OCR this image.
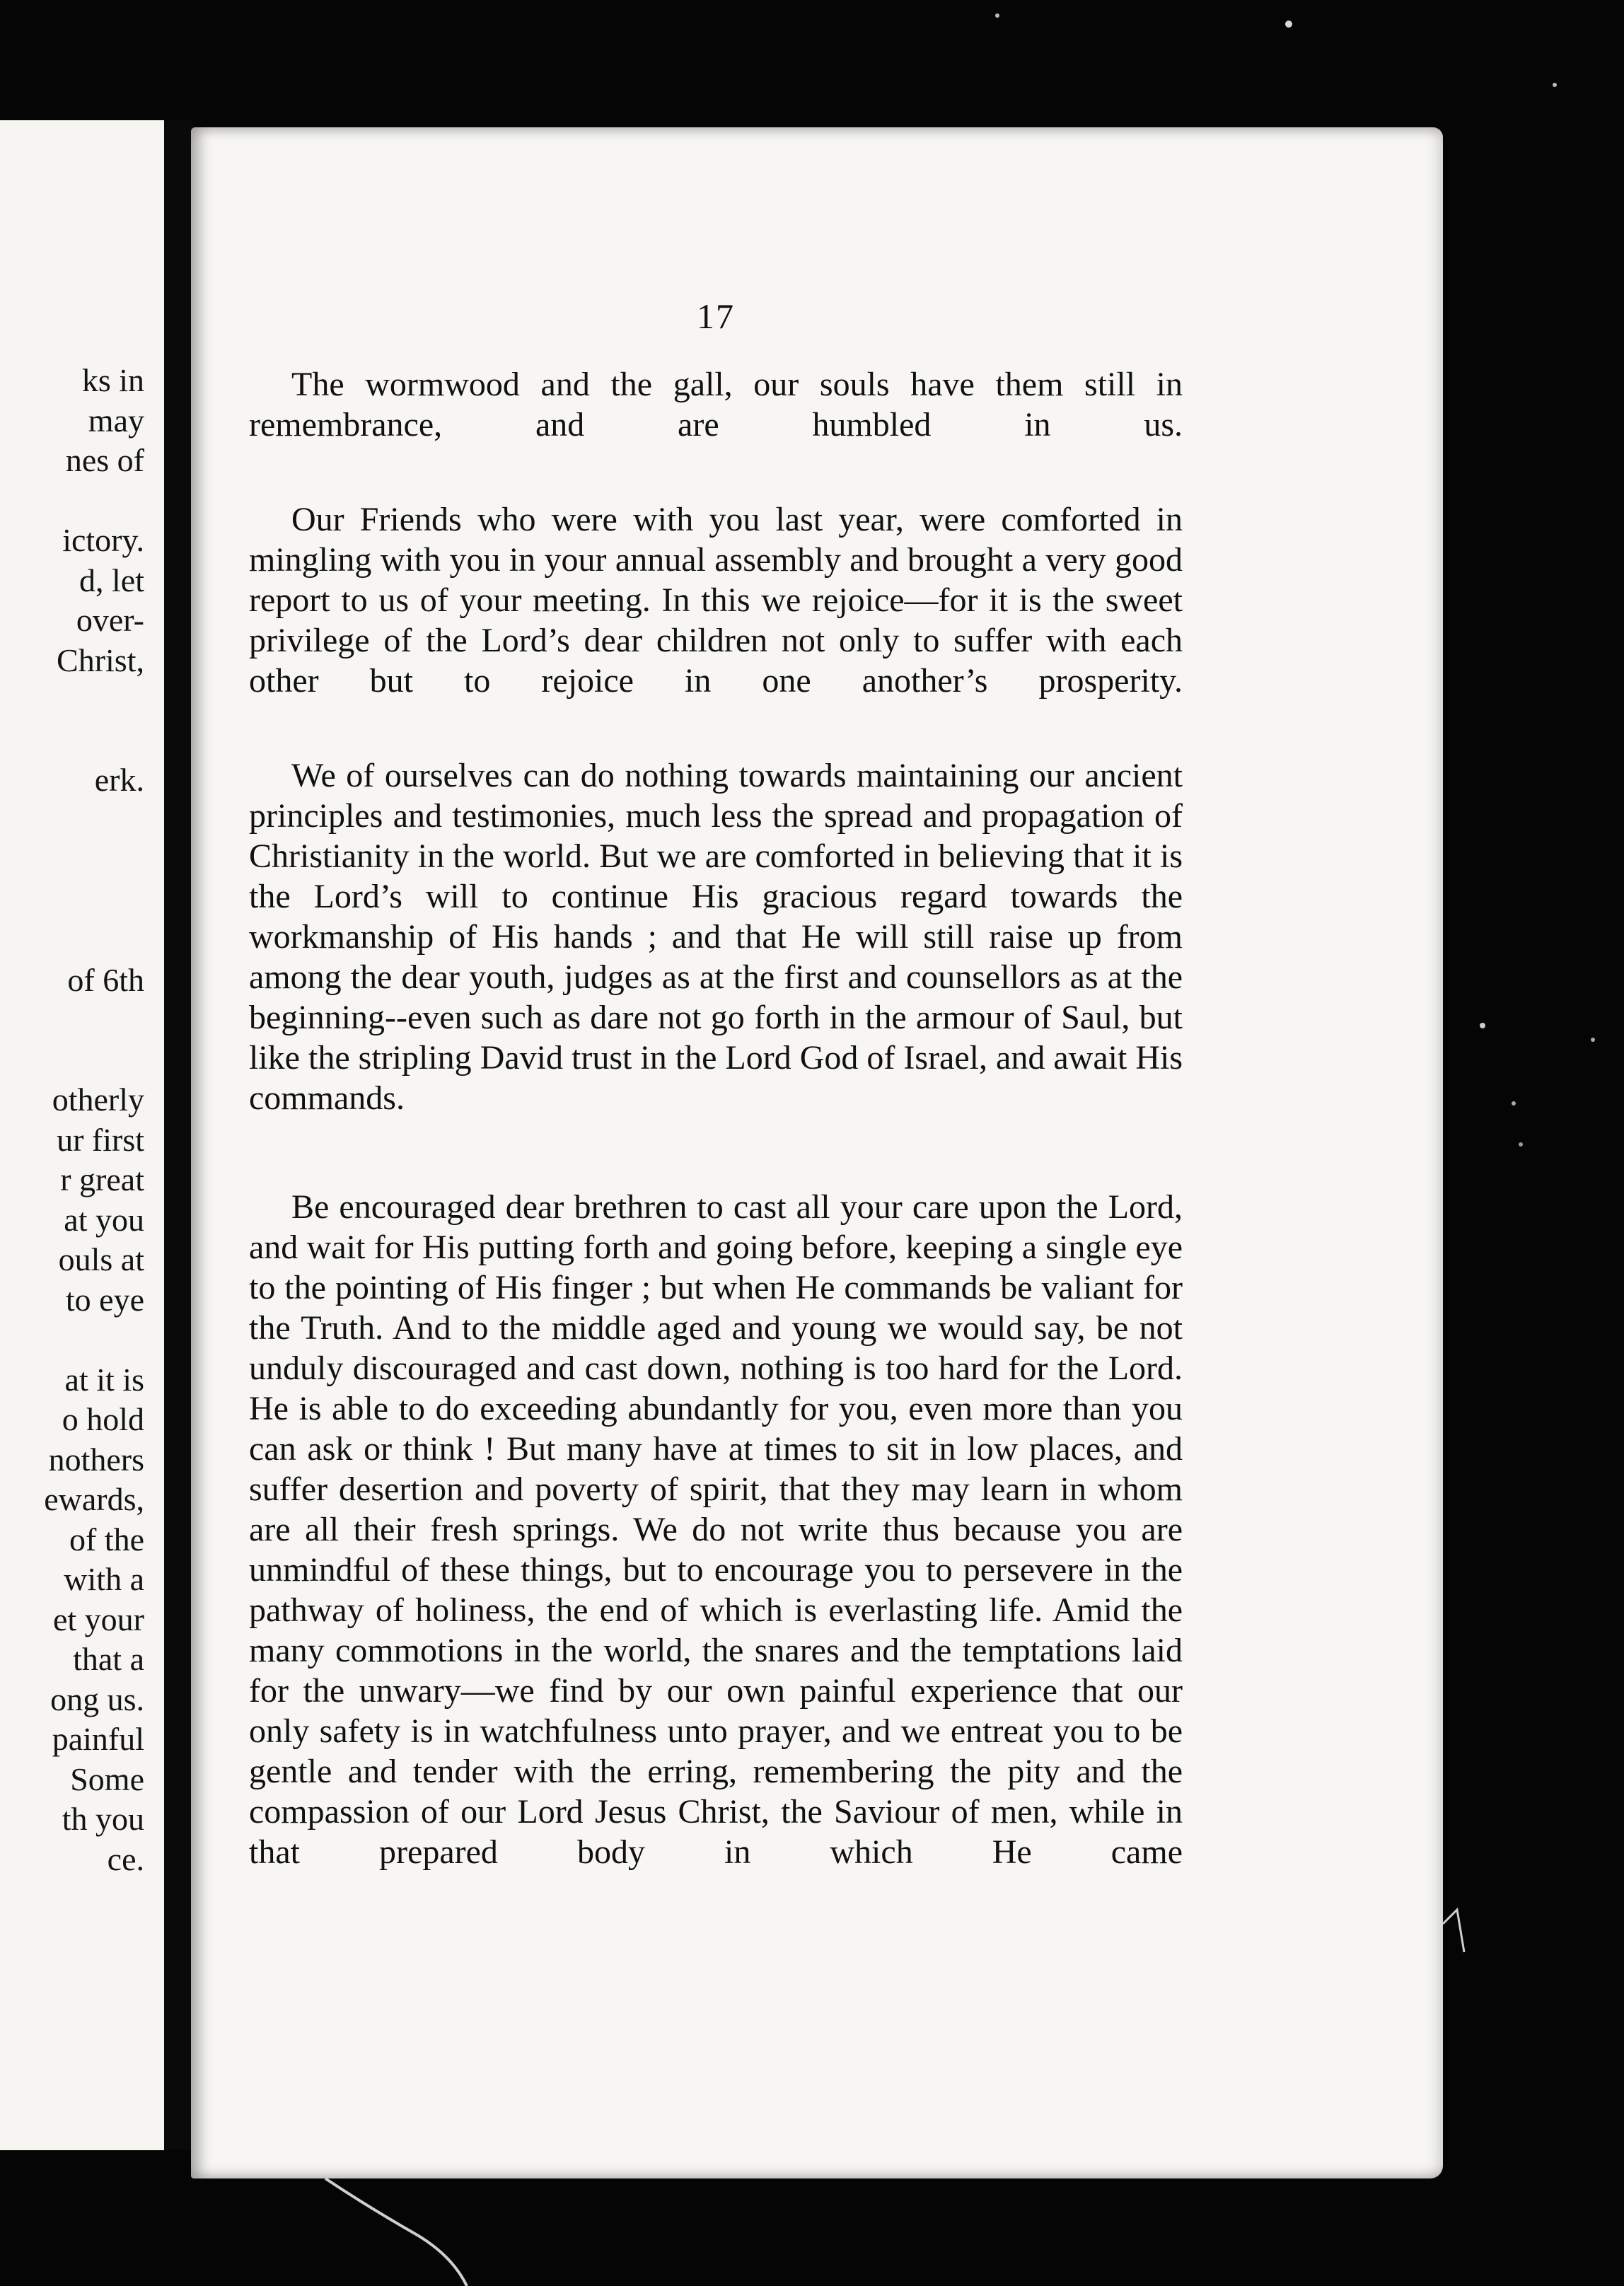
ks in
may
nes of
ictory.
d, let
over-
Christ,
erk.
of 6th
otherly
ur first
r great
at you
ouls at
to eye
at it is
o hold
nothers
ewards,
of the
with a
et your
that a
ong us.
painful
Some
th you
ce.
17

The wormwood and the gall, our souls have them still in remembrance, and are humbled in us.

Our Friends who were with you last year, were comforted in mingling with you in your annual assembly and brought a very good report to us of your meeting. In this we rejoice—for it is the sweet privilege of the Lord’s dear children not only to suffer with each other but to rejoice in one another’s prosperity.

We of ourselves can do nothing towards maintaining our ancient principles and testimonies, much less the spread and propagation of Christianity in the world. But we are comforted in believing that it is the Lord’s will to continue His gracious regard towards the workmanship of His hands ; and that He will still raise up from among the dear youth, judges as at the first and counsellors as at the beginning--even such as dare not go forth in the armour of Saul, but like the stripling David trust in the Lord God of Israel, and await His commands.

Be encouraged dear brethren to cast all your care upon the Lord, and wait for His putting forth and going before, keeping a single eye to the pointing of His finger ; but when He commands be valiant for the Truth. And to the middle aged and young we would say, be not unduly discouraged and cast down, nothing is too hard for the Lord. He is able to do exceeding abundantly for you, even more than you can ask or think ! But many have at times to sit in low places, and suffer desertion and poverty of spirit, that they may learn in whom are all their fresh springs. We do not write thus because you are unmindful of these things, but to encourage you to persevere in the pathway of holiness, the end of which is everlasting life. Amid the many commotions in the world, the snares and the temptations laid for the unwary—we find by our own painful experience that our only safety is in watchfulness unto prayer, and we entreat you to be gentle and tender with the erring, remembering the pity and the compassion of our Lord Jesus Christ, the Saviour of men, while in that prepared body in which He came
